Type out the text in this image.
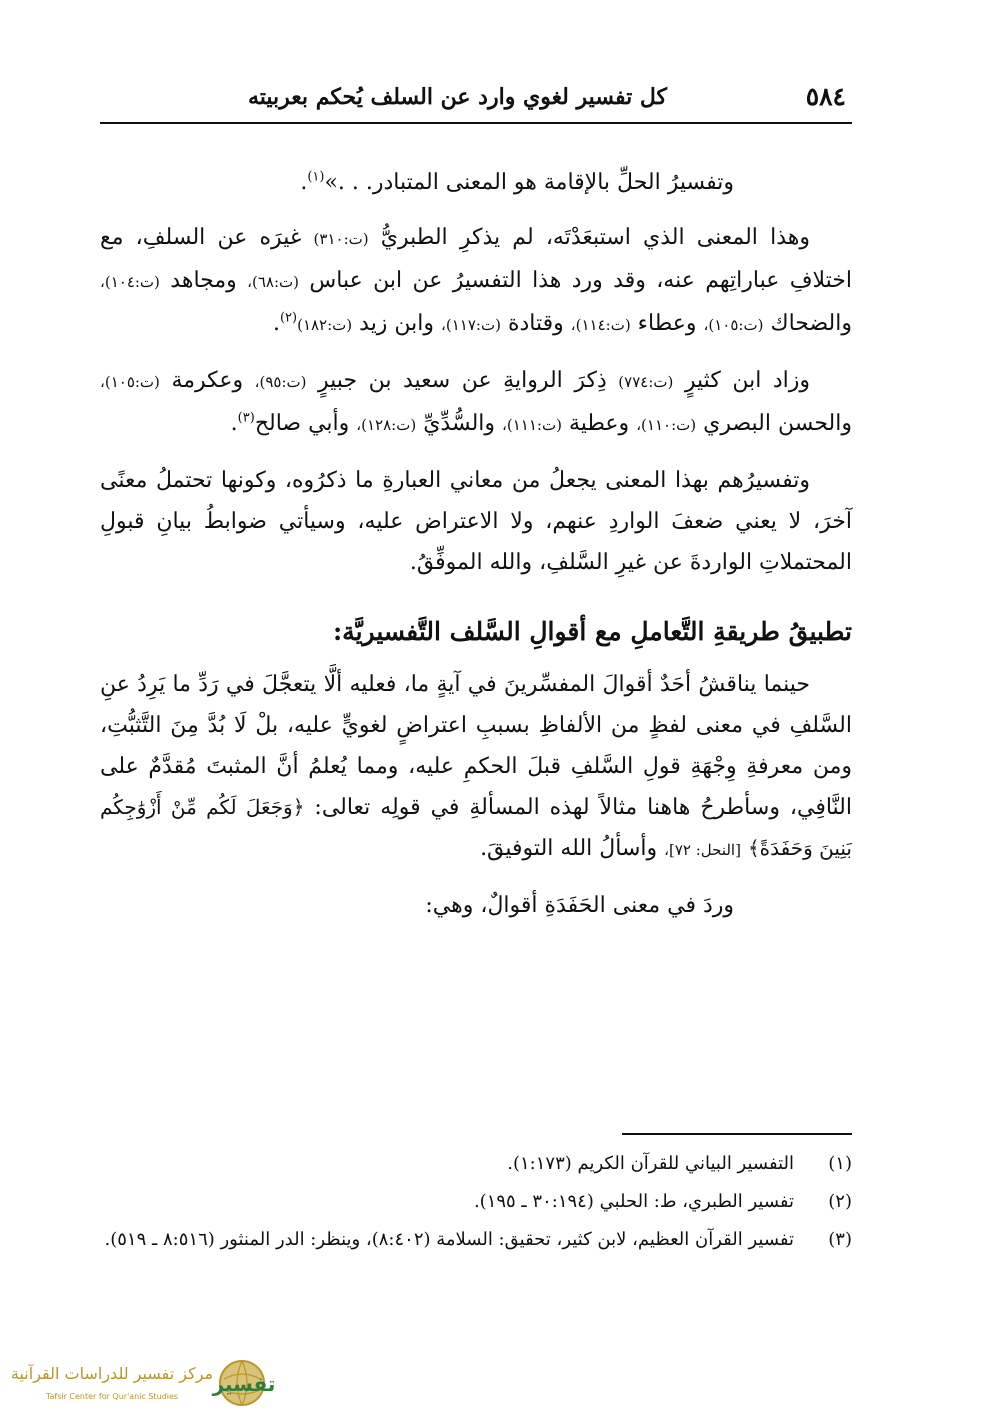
٥٨٤
كل تفسير لغوي وارد عن السلف يُحكم بعربيته

وتفسيرُ الحلِّ بالإقامة هو المعنى المتبادر. . .»$^{(١)}$.

وهذا المعنى الذي استبعَدْتَه، لم يذكرِ الطبريُّ (ت:٣١٠) غيرَه عن السلفِ، مع اختلافِ عباراتِهم عنه، وقد ورد هذا التفسيرُ عن ابن عباس (ت:٦٨)، ومجاهد (ت:١٠٤)، والضحاك (ت:١٠٥)، وعطاء (ت:١١٤)، وقتادة (ت:١١٧)، وابن زيد (ت:١٨٢)$^{(٢)}$.

وزاد ابن كثيرٍ (ت:٧٧٤) ذِكرَ الروايةِ عن سعيد بن جبيرٍ (ت:٩٥)، وعكرمة (ت:١٠٥)، والحسن البصري (ت:١١٠)، وعطية (ت:١١١)، والسُّدِّيِّ (ت:١٢٨)، وأبي صالح$^{(٣)}$.

وتفسيرُهم بهذا المعنى يجعلُ من معاني العبارةِ ما ذكرُوه، وكونها تحتملُ معنًى آخرَ، لا يعني ضعفَ الواردِ عنهم، ولا الاعتراض عليه، وسيأتي ضوابطُ بيانِ قبولِ المحتملاتِ الواردةَ عن غيرِ السَّلفِ، والله الموفِّقُ.

تطبيقُ طريقةِ التَّعاملِ مع أقوالِ السَّلف التَّفسيريَّة:

حينما يناقشُ أحَدٌ أقوالَ المفسِّرينَ في آيةٍ ما، فعليه ألَّا يتعجَّلَ في رَدِّ ما يَرِدُ عنِ السَّلفِ في معنى لفظٍ من الألفاظِ بسببِ اعتراضٍ لغويٍّ عليه، بلْ لَا بُدَّ مِنَ التَّثبُّتِ، ومن معرفةِ وِجْهَةِ قولِ السَّلفِ قبلَ الحكمِ عليه، ومما يُعلمُ أنَّ المثبتَ مُقدَّمٌ على النَّافِي، وسأطرحُ هاهنا مثالاً لهذه المسألةِ في قولِه تعالى: ﴿وَجَعَلَ لَكُم مِّنْ أَزْوَٰجِكُم بَنِينَ وَحَفَدَةً﴾ [النحل: ٧٢]، وأسألُ الله التوفيقَ.

وردَ في معنى الحَفَدَةِ أقوالٌ، وهي:

(١)
التفسير البياني للقرآن الكريم (١:١٧٣).
(٢)
تفسير الطبري، ط: الحلبي (٣٠:١٩٤ ـ ١٩٥).
(٣)
تفسير القرآن العظيم، لابن كثير، تحقيق: السلامة (٨:٤٠٢)، وينظر: الدر المنثور (٨:٥١٦ ـ ٥١٩).
تفسير
مركز تفسير للدراسات القرآنية
Tafsir Center for Qur'anic Studies
